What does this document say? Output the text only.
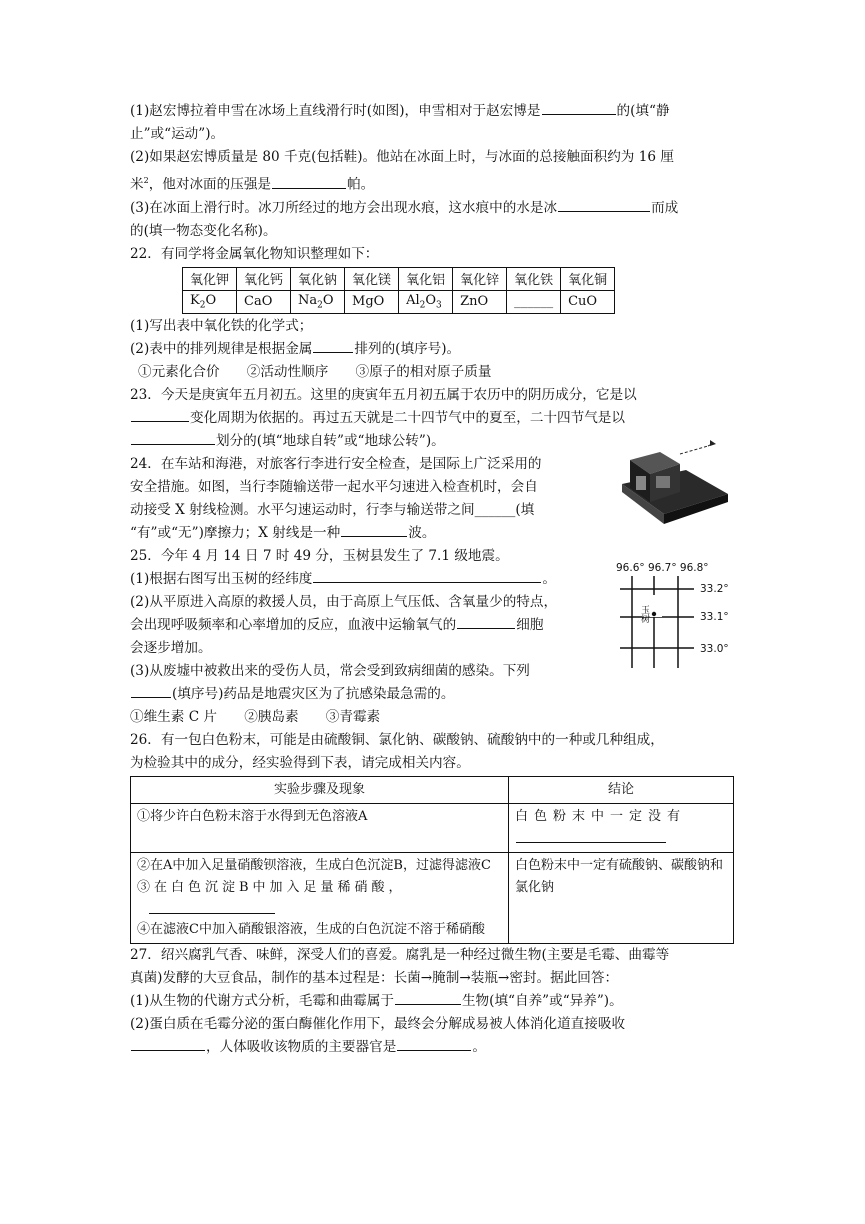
(1)赵宏博拉着申雪在冰场上直线滑行时(如图)，申雪相对于赵宏博是	的(填“静

止”或“运动”)。

(2)如果赵宏博质量是 80 千克(包括鞋)。他站在冰面上时，与冰面的总接触面积约为 16 厘

米$^2$，他对冰面的压强是	帕。

(3)在冰面上滑行时。冰刀所经过的地方会出现水痕，这水痕中的水是冰	而成

的(填一物态变化名称)。

22．有同学将金属氧化物知识整理如下：

氧化钾	氧化钙	氧化钠	氧化镁	氧化铝	氧化锌	氧化铁	氧化铜
$K_2O$	CaO	$Na_2O$	MgO	$Al_2O_3$	ZnO	______	CuO

(1)写出表中氧化铁的化学式；

(2)表中的排列规律是根据金属	排列的(填序号)。

①元素化合价　　②活动性顺序　　③原子的相对原子质量

23．今天是庚寅年五月初五。这里的庚寅年五月初五属于农历中的阴历成分，它是以

变化周期为依据的。再过五天就是二十四节气中的夏至，二十四节气是以

划分的(填“地球自转”或“地球公转”)。

24．在车站和海港，对旅客行李进行安全检查，是国际上广泛采用的

安全措施。如图，当行李随输送带一起水平匀速进入检查机时，会自

动接受 X 射线检测。水平匀速运动时，行李与输送带之间______(填

“有”或“无”)摩擦力；X 射线是一种	波。

25．今年 4 月 14 日 7 时 49 分，玉树县发生了 7.1 级地震。

(1)根据右图写出玉树的经纬度	。

(2)从平原进入高原的救援人员，由于高原上气压低、含氧量少的特点，

会出现呼吸频率和心率增加的反应，血液中运输氧气的	细胞

会逐步增加。

(3)从废墟中被救出来的受伤人员，常会受到致病细菌的感染。下列

(填序号)药品是地震灾区为了抗感染最急需的。

①维生素 C 片　　②胰岛素　　③青霉素

26．有一包白色粉末，可能是由硫酸铜、氯化钠、碳酸钠、硫酸钠中的一种或几种组成，

为检验其中的成分，经实验得到下表，请完成相关内容。

实验步骤及现象	结论
①将少许白色粉末溶于水得到无色溶液A	白色粉末中一定没有

②在A中加入足量硝酸钡溶液，生成白色沉淀B，过滤得滤液C
③在白色沉淀B中加入足量稀硝酸，
④在滤液C中加入硝酸银溶液，生成的白色沉淀不溶于稀硝酸	白色粉末中一定有硫酸钠、碳酸钠和氯化钠

27．绍兴腐乳气香、味鲜，深受人们的喜爱。腐乳是一种经过微生物(主要是毛霉、曲霉等

真菌)发酵的大豆食品，制作的基本过程是：长菌→腌制→装瓶→密封。据此回答：

(1)从生物的代谢方式分析，毛霉和曲霉属于	生物(填“自养”或“异养”)。

(2)蛋白质在毛霉分泌的蛋白酶催化作用下，最终会分解成易被人体消化道直接吸收

，人体吸收该物质的主要器官是	。

96.6° 96.7° 96.8°
33.2°
33.1°
33.0°
玉树
